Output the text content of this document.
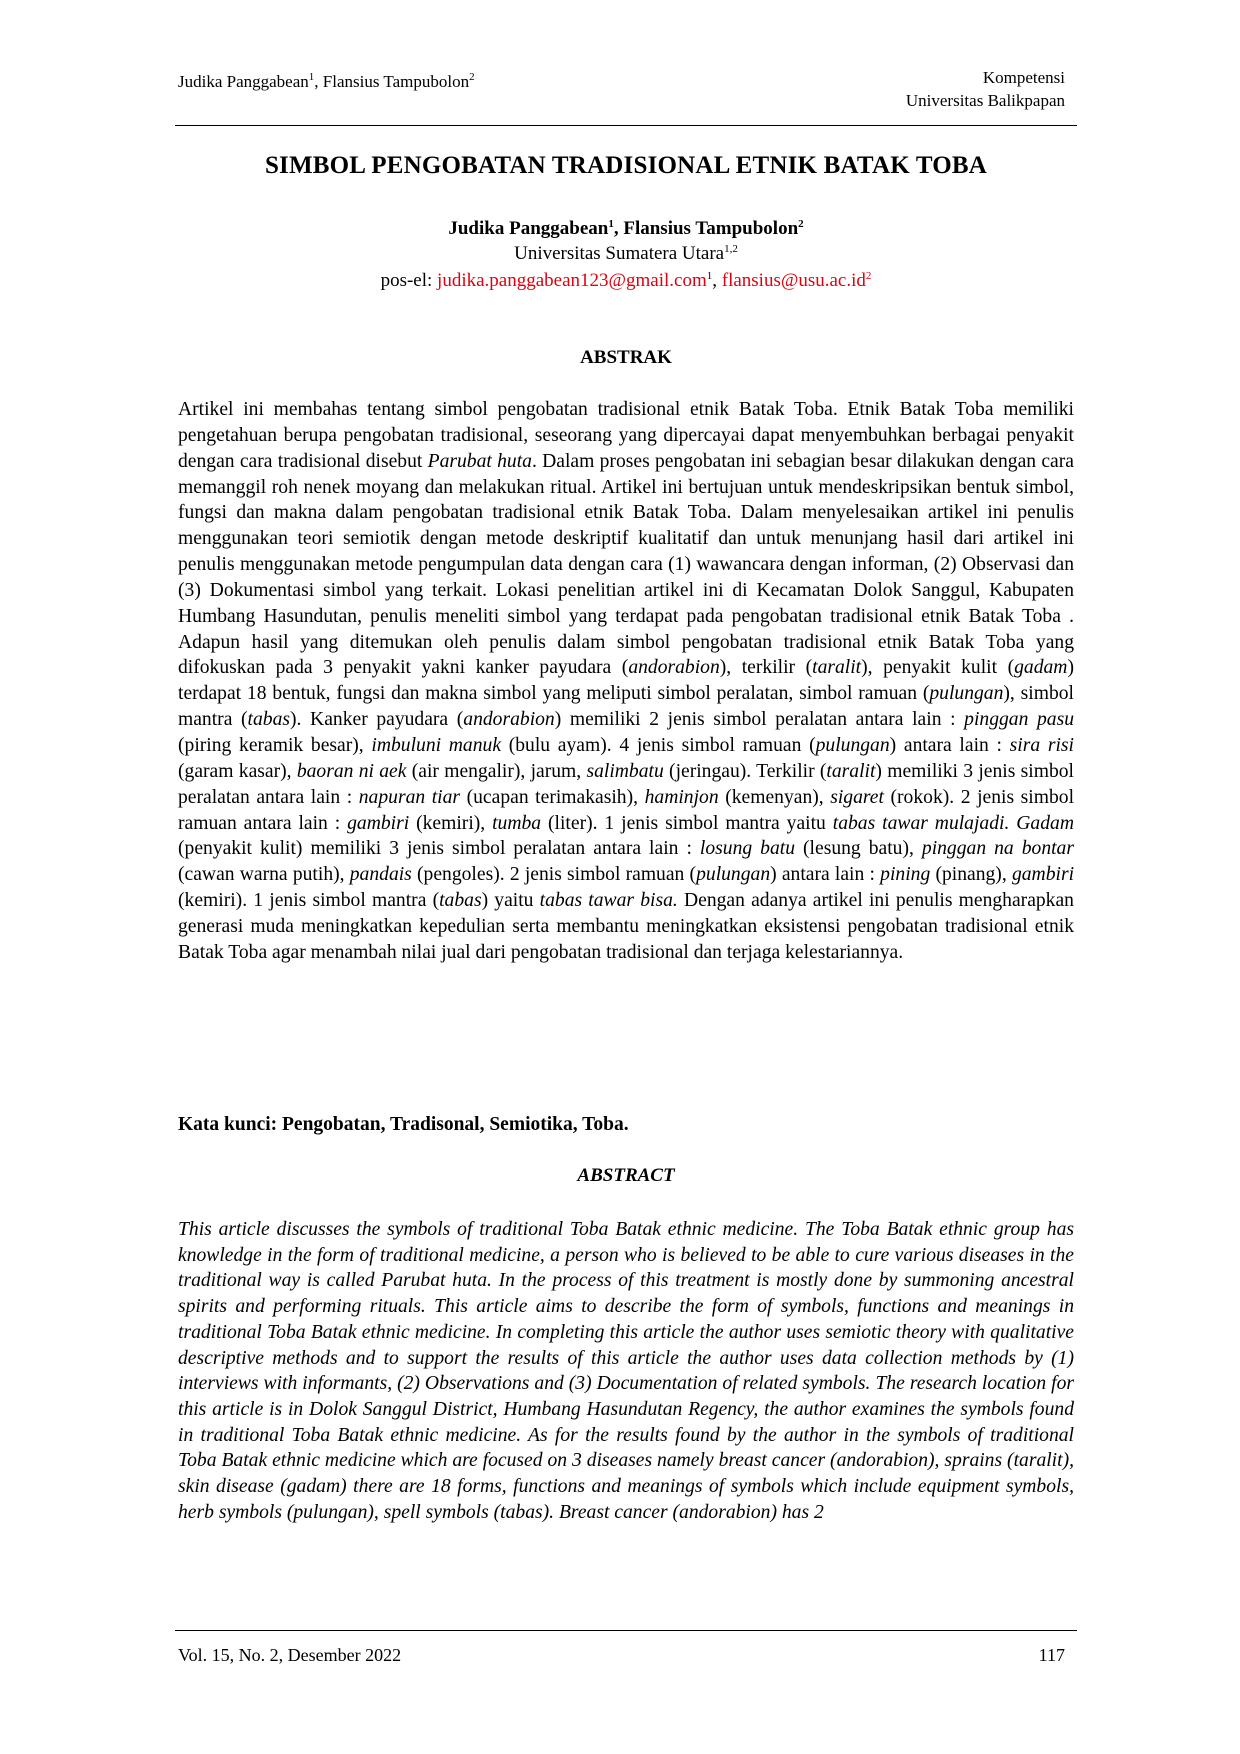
Judika Panggabean$^1$, Flansius Tampubolon$^2$	Kompetensi
Universitas Balikpapan
SIMBOL PENGOBATAN TRADISIONAL ETNIK BATAK TOBA
Judika Panggabean$^1$, Flansius Tampubolon$^2$
Universitas Sumatera Utara$^{1,2}$
pos-el: judika.panggabean123@gmail.com$^1$, $flansius@usu.ac.id^2$
ABSTRAK
Artikel ini membahas tentang simbol pengobatan tradisional etnik Batak Toba. Etnik Batak Toba memiliki pengetahuan berupa pengobatan tradisional, seseorang yang dipercayai dapat menyembuhkan berbagai penyakit dengan cara tradisional disebut Parubat huta. Dalam proses pengobatan ini sebagian besar dilakukan dengan cara memanggil roh nenek moyang dan melakukan ritual. Artikel ini bertujuan untuk mendeskripsikan bentuk simbol, fungsi dan makna dalam pengobatan tradisional etnik Batak Toba. Dalam menyelesaikan artikel ini penulis menggunakan teori semiotik dengan metode deskriptif kualitatif dan untuk menunjang hasil dari artikel ini penulis menggunakan metode pengumpulan data dengan cara (1) wawancara dengan informan, (2) Observasi dan (3) Dokumentasi simbol yang terkait. Lokasi penelitian artikel ini di Kecamatan Dolok Sanggul, Kabupaten Humbang Hasundutan, penulis meneliti simbol yang terdapat pada pengobatan tradisional etnik Batak Toba . Adapun hasil yang ditemukan oleh penulis dalam simbol pengobatan tradisional etnik Batak Toba yang difokuskan pada 3 penyakit yakni kanker payudara (andorabion), terkilir (taralit), penyakit kulit (gadam) terdapat 18 bentuk, fungsi dan makna simbol yang meliputi simbol peralatan, simbol ramuan (pulungan), simbol mantra (tabas). Kanker payudara (andorabion) memiliki 2 jenis simbol peralatan antara lain : pinggan pasu (piring keramik besar), imbuluni manuk (bulu ayam). 4 jenis simbol ramuan (pulungan) antara lain : sira risi (garam kasar), baoran ni aek (air mengalir), jarum, salimbatu (jeringau). Terkilir (taralit) memiliki 3 jenis simbol peralatan antara lain : napuran tiar (ucapan terimakasih), haminjon (kemenyan), sigaret (rokok). 2 jenis simbol ramuan antara lain : gambiri (kemiri), tumba (liter). 1 jenis simbol mantra yaitu tabas tawar mulajadi. Gadam (penyakit kulit) memiliki 3 jenis simbol peralatan antara lain : losung batu (lesung batu), pinggan na bontar (cawan warna putih), pandais (pengoles). 2 jenis simbol ramuan (pulungan) antara lain : pining (pinang), gambiri (kemiri). 1 jenis simbol mantra (tabas) yaitu tabas tawar bisa. Dengan adanya artikel ini penulis mengharapkan generasi muda meningkatkan kepedulian serta membantu meningkatkan eksistensi pengobatan tradisional etnik Batak Toba agar menambah nilai jual dari pengobatan tradisional dan terjaga kelestariannya.
Kata kunci: Pengobatan, Tradisonal, Semiotika, Toba.
ABSTRACT
This article discusses the symbols of traditional Toba Batak ethnic medicine. The Toba Batak ethnic group has knowledge in the form of traditional medicine, a person who is believed to be able to cure various diseases in the traditional way is called Parubat huta. In the process of this treatment is mostly done by summoning ancestral spirits and performing rituals. This article aims to describe the form of symbols, functions and meanings in traditional Toba Batak ethnic medicine. In completing this article the author uses semiotic theory with qualitative descriptive methods and to support the results of this article the author uses data collection methods by (1) interviews with informants, (2) Observations and (3) Documentation of related symbols. The research location for this article is in Dolok Sanggul District, Humbang Hasundutan Regency, the author examines the symbols found in traditional Toba Batak ethnic medicine. As for the results found by the author in the symbols of traditional Toba Batak ethnic medicine which are focused on 3 diseases namely breast cancer (andorabion), sprains (taralit), skin disease (gadam) there are 18 forms, functions and meanings of symbols which include equipment symbols, herb symbols (pulungan), spell symbols (tabas). Breast cancer (andorabion) has 2
Vol. 15, No. 2, Desember 2022	117
